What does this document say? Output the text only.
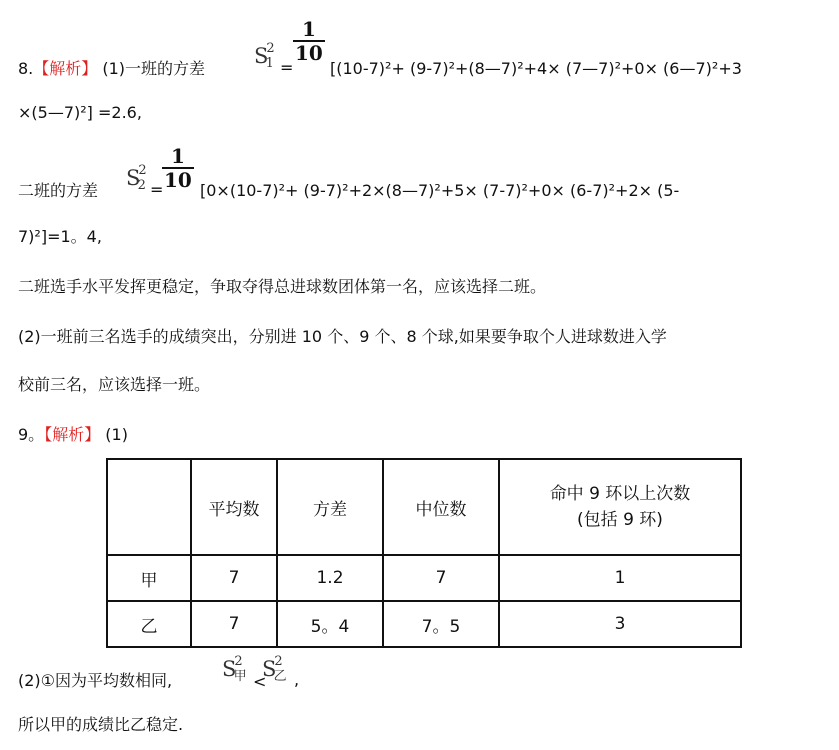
8.【解析】 (1)一班的方差
$S^21$ =
$\frac{1}{10}$
[(10-7)²+ (9-7)²+(8—7)²+4× (7—7)²+0× (6—7)²+3
×(5—7)²] =2.6,
二班的方差
$S^22$ =
$\frac{1}{10} [0\times(10-7)^2+$ (9-7)²+2×(8—7)²+5× (7-7)²+0× (6-7)²+2× (5-
7)²]=1。4,
二班选手水平发挥更稳定，争取夺得总进球数团体第一名，应该选择二班。
(2)一班前三名选手的成绩突出，分别进 10 个、9 个、8 个球,如果要争取个人进球数进入学
校前三名，应该选择一班。
9。【解析】 (1)
	平均数	方差	中位数	命中 9 环以上次数
(包括 9 环)

甲	7	1.2	7	1
乙	7	5。4	7。5	3
(2)①因为平均数相同, $S^2$甲 <
$S^2$乙 ,
所以甲的成绩比乙稳定.
